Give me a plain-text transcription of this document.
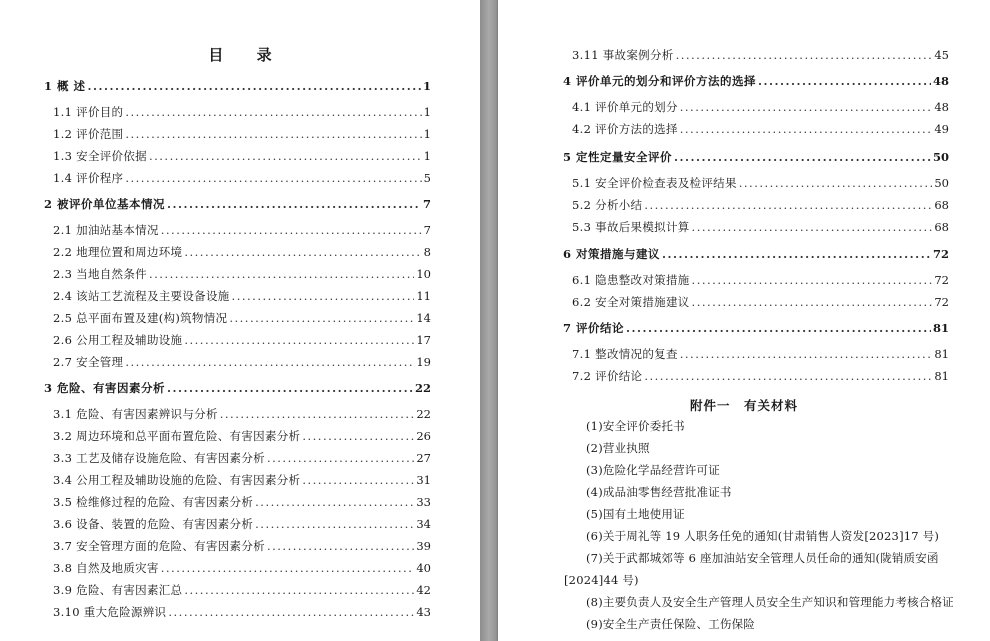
目 录
1 概 述 .....	1
1.1 评价目的 .....	1
1.2 评价范围 .....	1
1.3 安全评价依据 .....	1
1.4 评价程序 .....	5
2 被评价单位基本情况 .....	7
2.1 加油站基本情况 .....	7
2.2 地理位置和周边环境 .....	8
2.3 当地自然条件 .....	10
2.4 该站工艺流程及主要设备设施 .....	11
2.5 总平面布置及建(构)筑物情况 .....	14
2.6 公用工程及辅助设施 .....	17
2.7 安全管理 .....	19
3 危险、有害因素分析 .....	22
3.1 危险、有害因素辨识与分析 .....	22
3.2 周边环境和总平面布置危险、有害因素分析 .....	26
3.3 工艺及储存设施危险、有害因素分析 .....	27
3.4 公用工程及辅助设施的危险、有害因素分析 .....	31
3.5 检维修过程的危险、有害因素分析 .....	33
3.6 设备、装置的危险、有害因素分析 .....	34
3.7 安全管理方面的危险、有害因素分析 .....	39
3.8 自然及地质灾害 .....	40
3.9 危险、有害因素汇总 .....	42
3.10 重大危险源辨识 .....	43
3.11 事故案例分析 .....	45
4 评价单元的划分和评价方法的选择 .....	48
4.1 评价单元的划分 .....	48
4.2 评价方法的选择 .....	49
5 定性定量安全评价 .....	50
5.1 安全评价检查表及检评结果 .....	50
5.2 分析小结 .....	68
5.3 事故后果模拟计算 .....	68
6 对策措施与建议 .....	72
6.1 隐患整改对策措施 .....	72
6.2 安全对策措施建议 .....	72
7 评价结论 .....	81
7.1 整改情况的复查 .....	81
7.2 评价结论 .....	81
附件一　有关材料
(1)安全评价委托书
(2)营业执照
(3)危险化学品经营许可证
(4)成品油零售经营批准证书
(5)国有土地使用证
(6)关于周礼等 19 人职务任免的通知(甘肃销售人资发[2023]17 号)
(7)关于武都城郊等 6 座加油站安全管理人员任命的通知(陇销质安函
[2024]44 号)
(8)主要负责人及安全生产管理人员安全生产知识和管理能力考核合格证
(9)安全生产责任保险、工伤保险
